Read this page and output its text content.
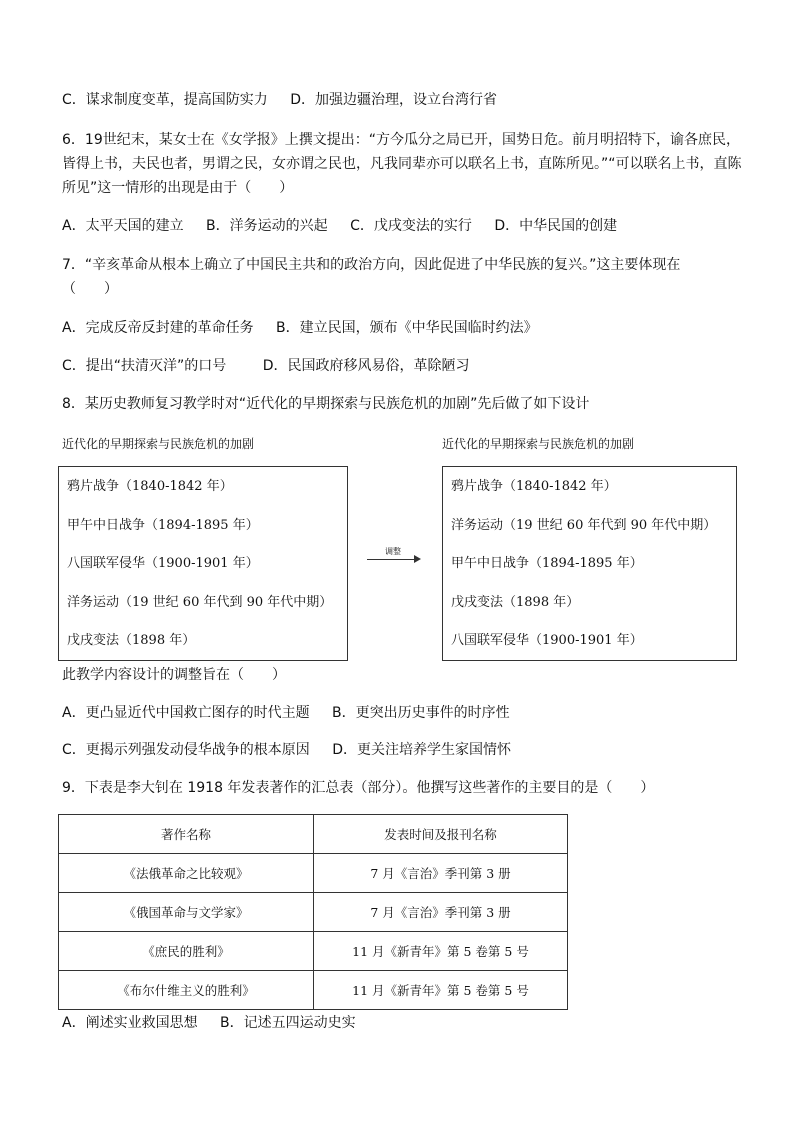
C．谋求制度变革，提高国防实力 D．加强边疆治理，设立台湾行省
6．19世纪末，某女士在《女学报》上撰文提出：“方今瓜分之局已开，国势日危。前月明招特下，谕各庶民，皆得上书，夫民也者，男谓之民，女亦谓之民也，凡我同辈亦可以联名上书，直陈所见。”“可以联名上书，直陈所见”这一情形的出现是由于（　　）
A．太平天国的建立 B．洋务运动的兴起 C．戊戌变法的实行 D．中华民国的创建
7．“辛亥革命从根本上确立了中国民主共和的政治方向，因此促进了中华民族的复兴。”这主要体现在
（　　）
A．完成反帝反封建的革命任务 B．建立民国，颁布《中华民国临时约法》
C．提出“扶清灭洋”的口号	D．民国政府移风易俗，革除陋习
8．某历史教师复习教学时对“近代化的早期探索与民族危机的加剧”先后做了如下设计
近代化的早期探索与民族危机的加剧	近代化的早期探索与民族危机的加剧
鸦片战争（1840-1842 年）
甲午中日战争（1894-1895 年）
八国联军侵华（1900-1901 年）
洋务运动（19 世纪 60 年代到 90 年代中期）
戊戌变法（1898 年）
调整
鸦片战争（1840-1842 年）
洋务运动（19 世纪 60 年代到 90 年代中期）
甲午中日战争（1894-1895 年）
戊戌变法（1898 年）
八国联军侵华（1900-1901 年）
此教学内容设计的调整旨在（　　）
A．更凸显近代中国救亡图存的时代主题 B．更突出历史事件的时序性
C．更揭示列强发动侵华战争的根本原因 D．更关注培养学生家国情怀
9．下表是李大钊在 1918 年发表著作的汇总表（部分）。他撰写这些著作的主要目的是（　　）
著作名称	发表时间及报刊名称
《法俄革命之比较观》	7 月《言治》季刊第 3 册
《俄国革命与文学家》	7 月《言治》季刊第 3 册
《庶民的胜利》	11 月《新青年》第 5 卷第 5 号
《布尔什维主义的胜利》	11 月《新青年》第 5 卷第 5 号
A．阐述实业救国思想 B．记述五四运动史实
